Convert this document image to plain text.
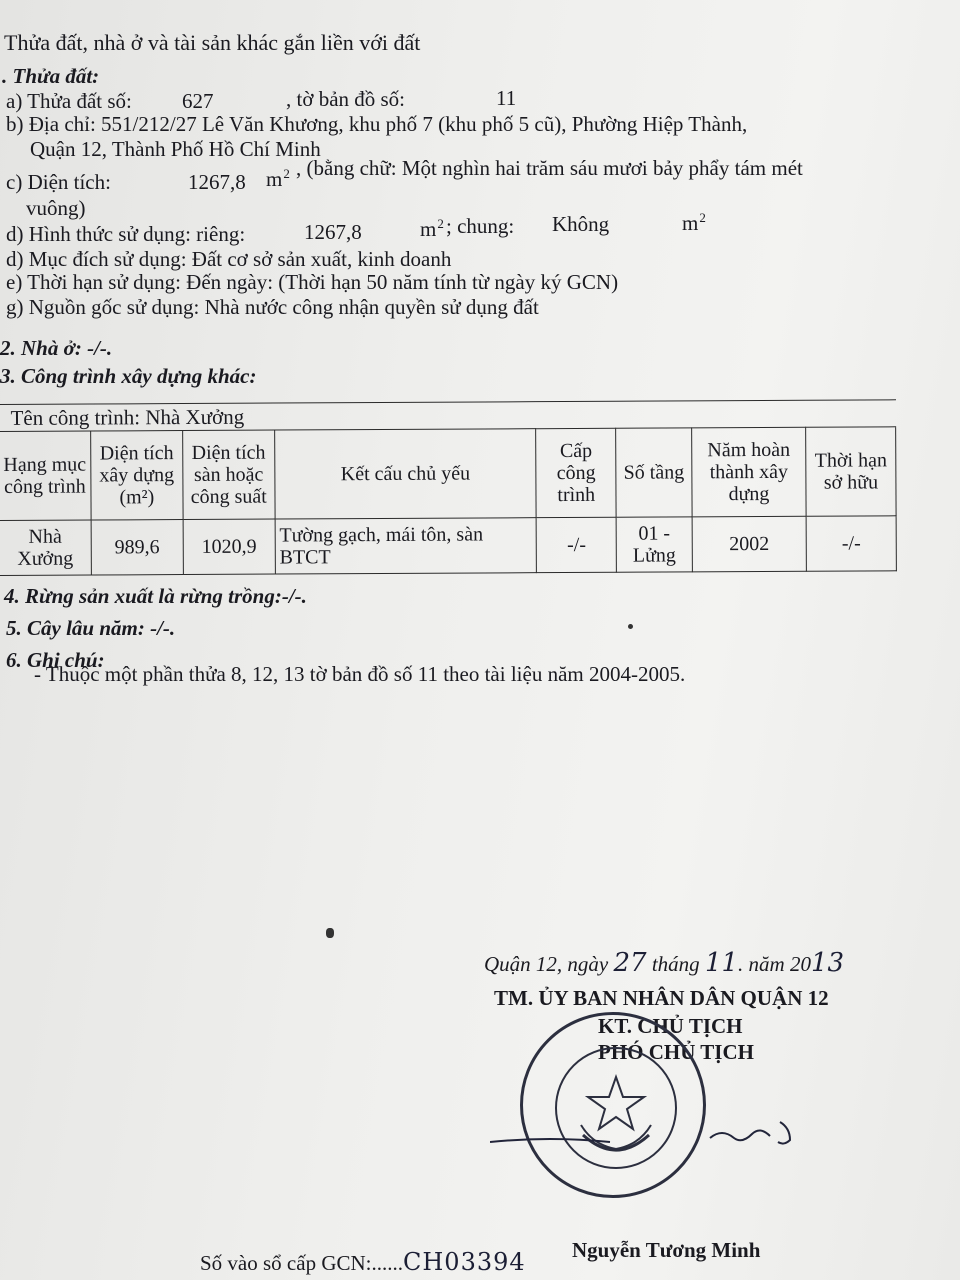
Thửa đất, nhà ở và tài sản khác gắn liền với đất
. Thửa đất:
a) Thửa đất số: 627	, tờ bản đồ số:	11
b) Địa chỉ: 551/212/27 Lê Văn Khương, khu phố 7 (khu phố 5 cũ), Phường Hiệp Thành,
Quận 12, Thành Phố Hồ Chí Minh
c) Diện tích:	1267,8 $m^2$ , (bằng chữ: Một nghìn hai trăm sáu mươi bảy phẩy tám mét
vuông)
d) Hình thức sử dụng: riêng:	1267,8	$m^2$ ; chung: Không	$m^2$
d) Mục đích sử dụng: Đất cơ sở sản xuất, kinh doanh
e) Thời hạn sử dụng: Đến ngày: (Thời hạn 50 năm tính từ ngày ký GCN)
g) Nguồn gốc sử dụng: Nhà nước công nhận quyền sử dụng đất
2. Nhà ở: -/-.
3. Công trình xây dựng khác:
Tên công trình: Nhà Xưởng							
Hạng mục công trình	Diện tích xây dựng (m²)	Diện tích sàn hoặc công suất	Kết cấu chủ yếu	Cấp công trình	Số tầng	Năm hoàn thành xây dựng	Thời hạn sở hữu
Nhà Xưởng	989,6	1020,9	Tường gạch, mái tôn, sàn BTCT	-/-	01 - Lửng	2002	-/-
4. Rừng sản xuất là rừng trồng:-/-.
5. Cây lâu năm: -/-.
6. Ghi chú:
- Thuộc một phần thửa 8, 12, 13 tờ bản đồ số 11 theo tài liệu năm 2004-2005.
Quận 12, ngày 27 tháng 11. năm 2013
TM. ỦY BAN NHÂN DÂN QUẬN 12
KT. CHỦ TỊCH
PHÓ CHỦ TỊCH
Số vào sổ cấp GCN:......CH03394 Nguyễn Tương Minh
